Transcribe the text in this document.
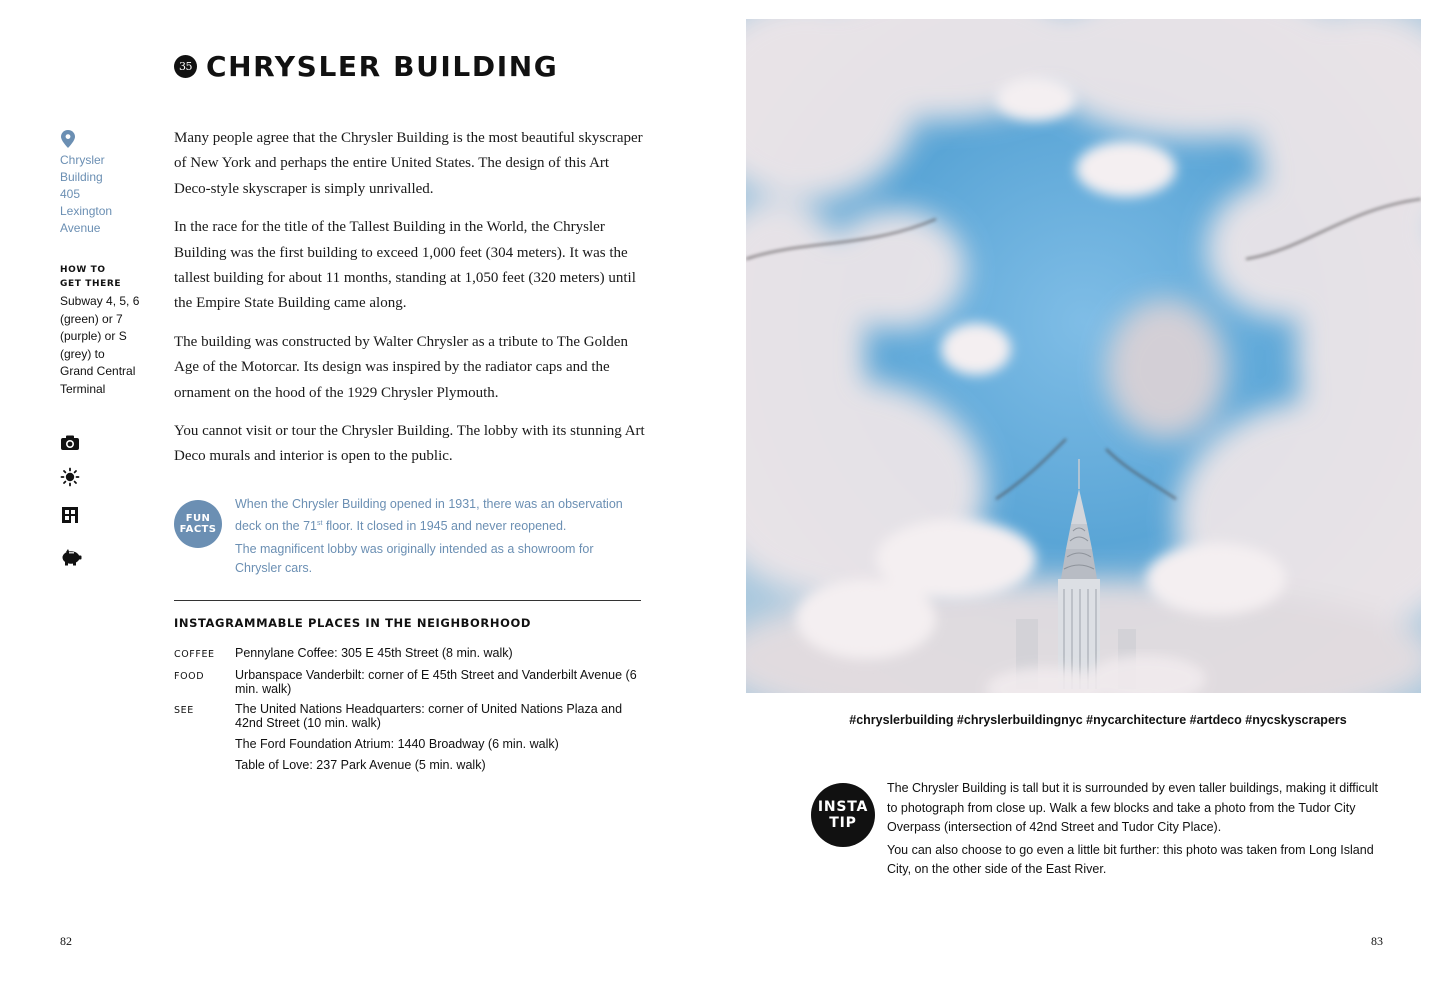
35 CHRYSLER BUILDING
Chrysler Building 405 Lexington Avenue
HOW TO GET THERE
Subway 4, 5, 6 (green) or 7 (purple) or S (grey) to Grand Central Terminal

Many people agree that the Chrysler Building is the most beautiful skyscraper of New York and perhaps the entire United States. The design of this Art Deco-style skyscraper is simply unrivalled.

In the race for the title of the Tallest Building in the World, the Chrysler Building was the first building to exceed 1,000 feet (304 meters). It was the tallest building for about 11 months, standing at 1,050 feet (320 meters) until the Empire State Building came along.

The building was constructed by Walter Chrysler as a tribute to The Golden Age of the Motorcar. Its design was inspired by the radiator caps and the ornament on the hood of the 1929 Chrysler Plymouth.

You cannot visit or tour the Chrysler Building. The lobby with its stunning Art Deco murals and interior is open to the public.

FUN
FACTS

When the Chrysler Building opened in 1931, there was an observation deck on the 71st floor. It closed in 1945 and never reopened.

The magnificent lobby was originally intended as a showroom for Chrysler cars.

INSTAGRAMMABLE PLACES IN THE NEIGHBORHOOD
COFFEE	Pennylane Coffee: 305 E 45th Street (8 min. walk)
FOOD	Urbanspace Vanderbilt: corner of E 45th Street and Vanderbilt Avenue (6 min. walk)
SEE	The United Nations Headquarters: corner of United Nations Plaza and 42nd Street (10 min. walk)
The Ford Foundation Atrium: 1440 Broadway (6 min. walk)
Table of Love: 237 Park Avenue (5 min. walk)
82

#chryslerbuilding #chryslerbuildingnyc #nycarchitecture #artdeco #nycskyscrapers

INSTA
TIP

The Chrysler Building is tall but it is surrounded by even taller buildings, making it difficult to photograph from close up. Walk a few blocks and take a photo from the Tudor City Overpass (intersection of 42nd Street and Tudor City Place).

You can also choose to go even a little bit further: this photo was taken from Long Island City, on the other side of the East River.

83
